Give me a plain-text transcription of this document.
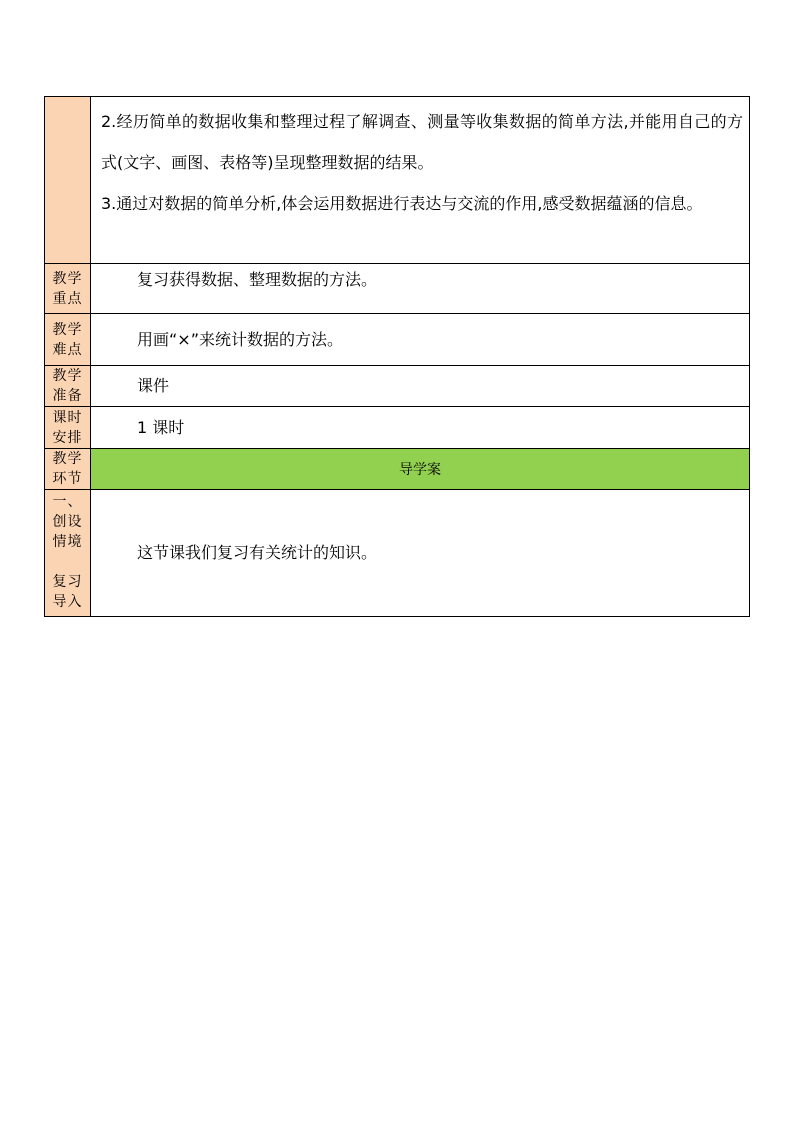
	2.经历简单的数据收集和整理过程了解调查、测量等收集数据的简单方法,并能用自己的方式(文字、画图、表格等)呈现整理数据的结果。

3.通过对数据的简单分析,体会运用数据进行表达与交流的作用,感受数据蕴涵的信息。

教学
重点	复习获得数据、整理数据的方法。
教学
难点	用画“×”来统计数据的方法。
教学
准备	课件
课时
安排	1 课时
教学
环节	导学案
一、
创设
情境

复习
导入	这节课我们复习有关统计的知识。
